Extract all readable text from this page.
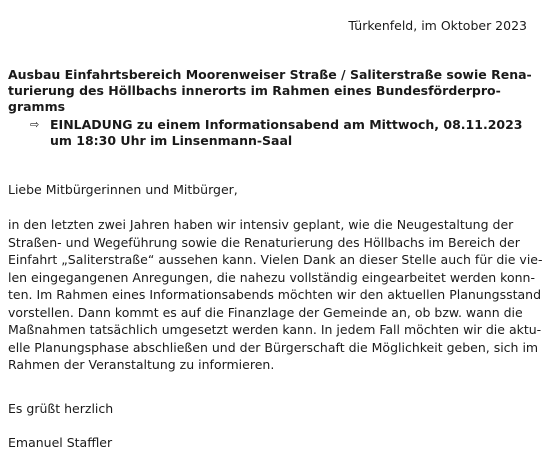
Türkenfeld, im Oktober 2023
Ausbau Einfahrtsbereich Moorenweiser Straße / Saliterstraße sowie Rena-
turierung des Höllbachs innerorts im Rahmen eines Bundesförderpro-
gramms
⇨ EINLADUNG zu einem Informationsabend am Mittwoch, 08.11.2023
um 18:30 Uhr im Linsenmann-Saal
Liebe Mitbürgerinnen und Mitbürger,
in den letzten zwei Jahren haben wir intensiv geplant, wie die Neugestaltung der
Straßen- und Wegeführung sowie die Renaturierung des Höllbachs im Bereich der
Einfahrt „Saliterstraße“ aussehen kann. Vielen Dank an dieser Stelle auch für die vie-
len eingegangenen Anregungen, die nahezu vollständig eingearbeitet werden konn-
ten. Im Rahmen eines Informationsabends möchten wir den aktuellen Planungsstand
vorstellen. Dann kommt es auf die Finanzlage der Gemeinde an, ob bzw. wann die
Maßnahmen tatsächlich umgesetzt werden kann. In jedem Fall möchten wir die aktu-
elle Planungsphase abschließen und der Bürgerschaft die Möglichkeit geben, sich im
Rahmen der Veranstaltung zu informieren.
Es grüßt herzlich
Emanuel Staffler
